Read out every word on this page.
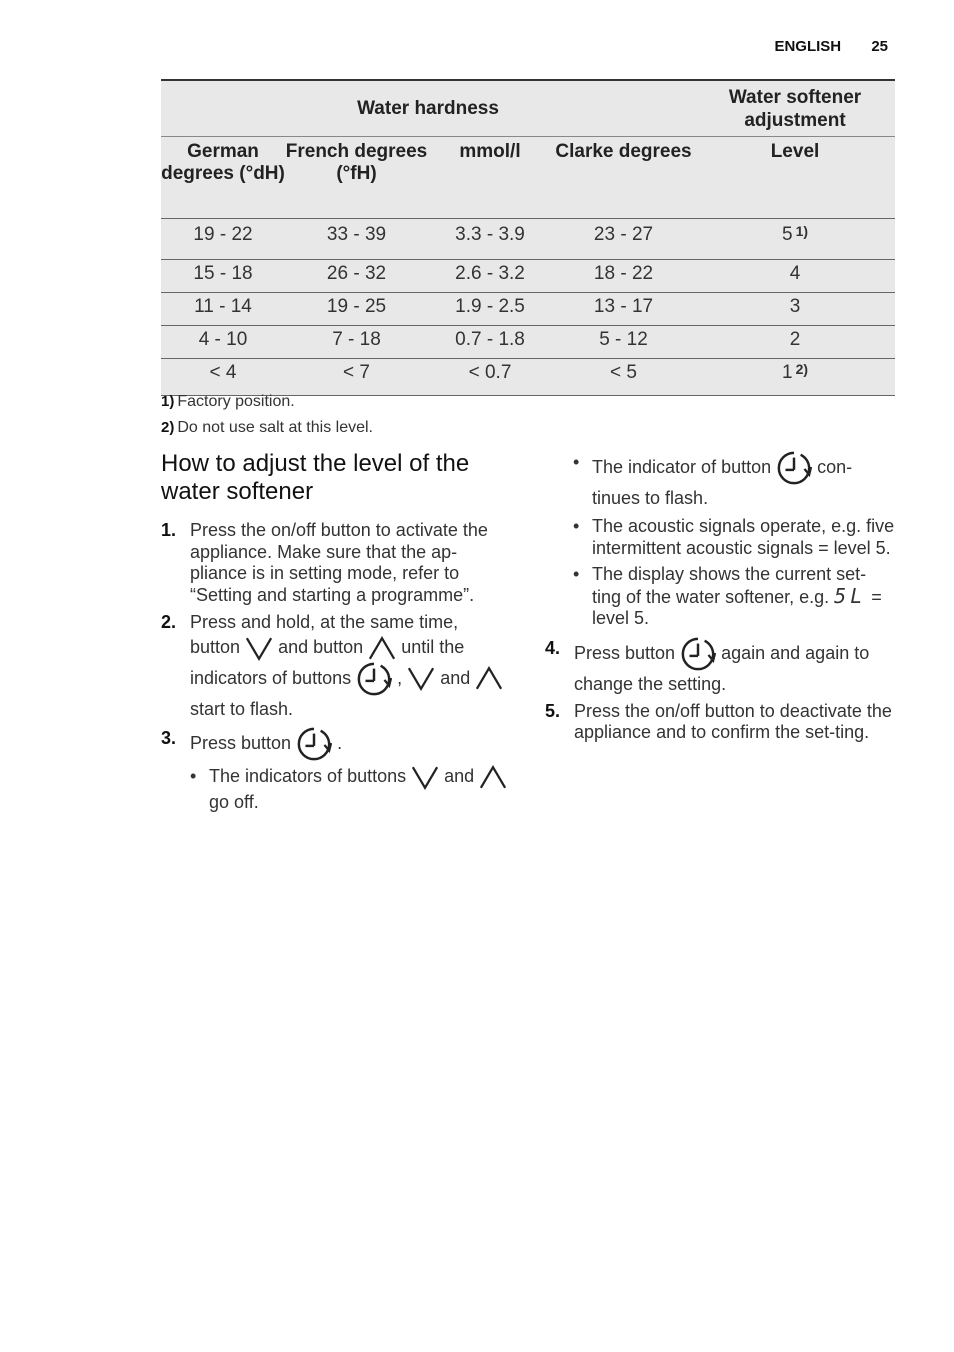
ENGLISH 25
Water hardness				Water softener adjustment
German degrees (°dH)	French degrees (°fH)	mmol/l	Clarke degrees	Level
19 - 22	33 - 39	3.3 - 3.9	23 - 27	5 $^{1)}$
15 - 18	26 - 32	2.6 - 3.2	18 - 22	4
11 - 14	19 - 25	1.9 - 2.5	13 - 17	3
4 - 10	7 - 18	0.7 - 1.8	5 - 12	2
< 4	< 7	< 0.7	< 5	1 $^{2)}$
1) Factory position.
2) Do not use salt at this level.
How to adjust the level of the water softener
1. Press the on/off button to activate the appliance. Make sure that the ap-pliance is in setting mode, refer to “Setting and starting a programme”.
2. Press and hold, at the same time, button and button until the indicators of buttons	, and  start to flash.
3. Press button	.
• The indicators of buttons and  go off.
• The indicator of button	con-tinues to flash.
• The acoustic signals operate, e.g. five intermittent acoustic signals = level 5.
• The display shows the current set-ting of the water softener, e.g. 5L = level 5.
4. Press button	again and again to change the setting.
5. Press the on/off button to deactivate the appliance and to confirm the set-ting.
